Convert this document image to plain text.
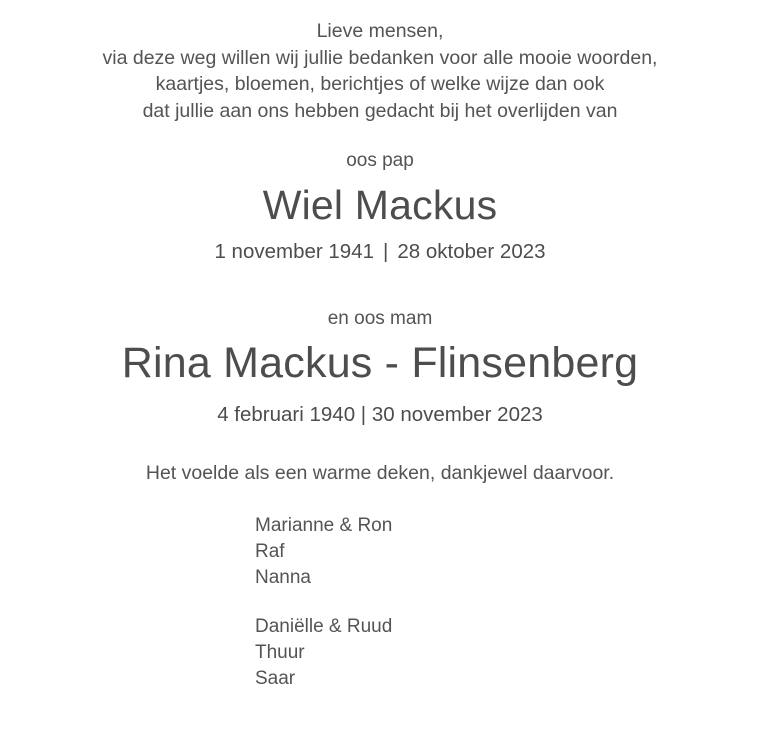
Lieve mensen,
via deze weg willen wij jullie bedanken voor alle mooie woorden,
kaartjes, bloemen, berichtjes of welke wijze dan ook
dat jullie aan ons hebben gedacht bij het overlijden van
oos pap
Wiel Mackus
1 november 1941 | 28 oktober 2023
en oos mam
Rina Mackus - Flinsenberg
4 februari 1940 | 30 november 2023
Het voelde als een warme deken, dankjewel daarvoor.
Marianne & Ron
Raf
Nanna
Daniëlle & Ruud
Thuur
Saar
